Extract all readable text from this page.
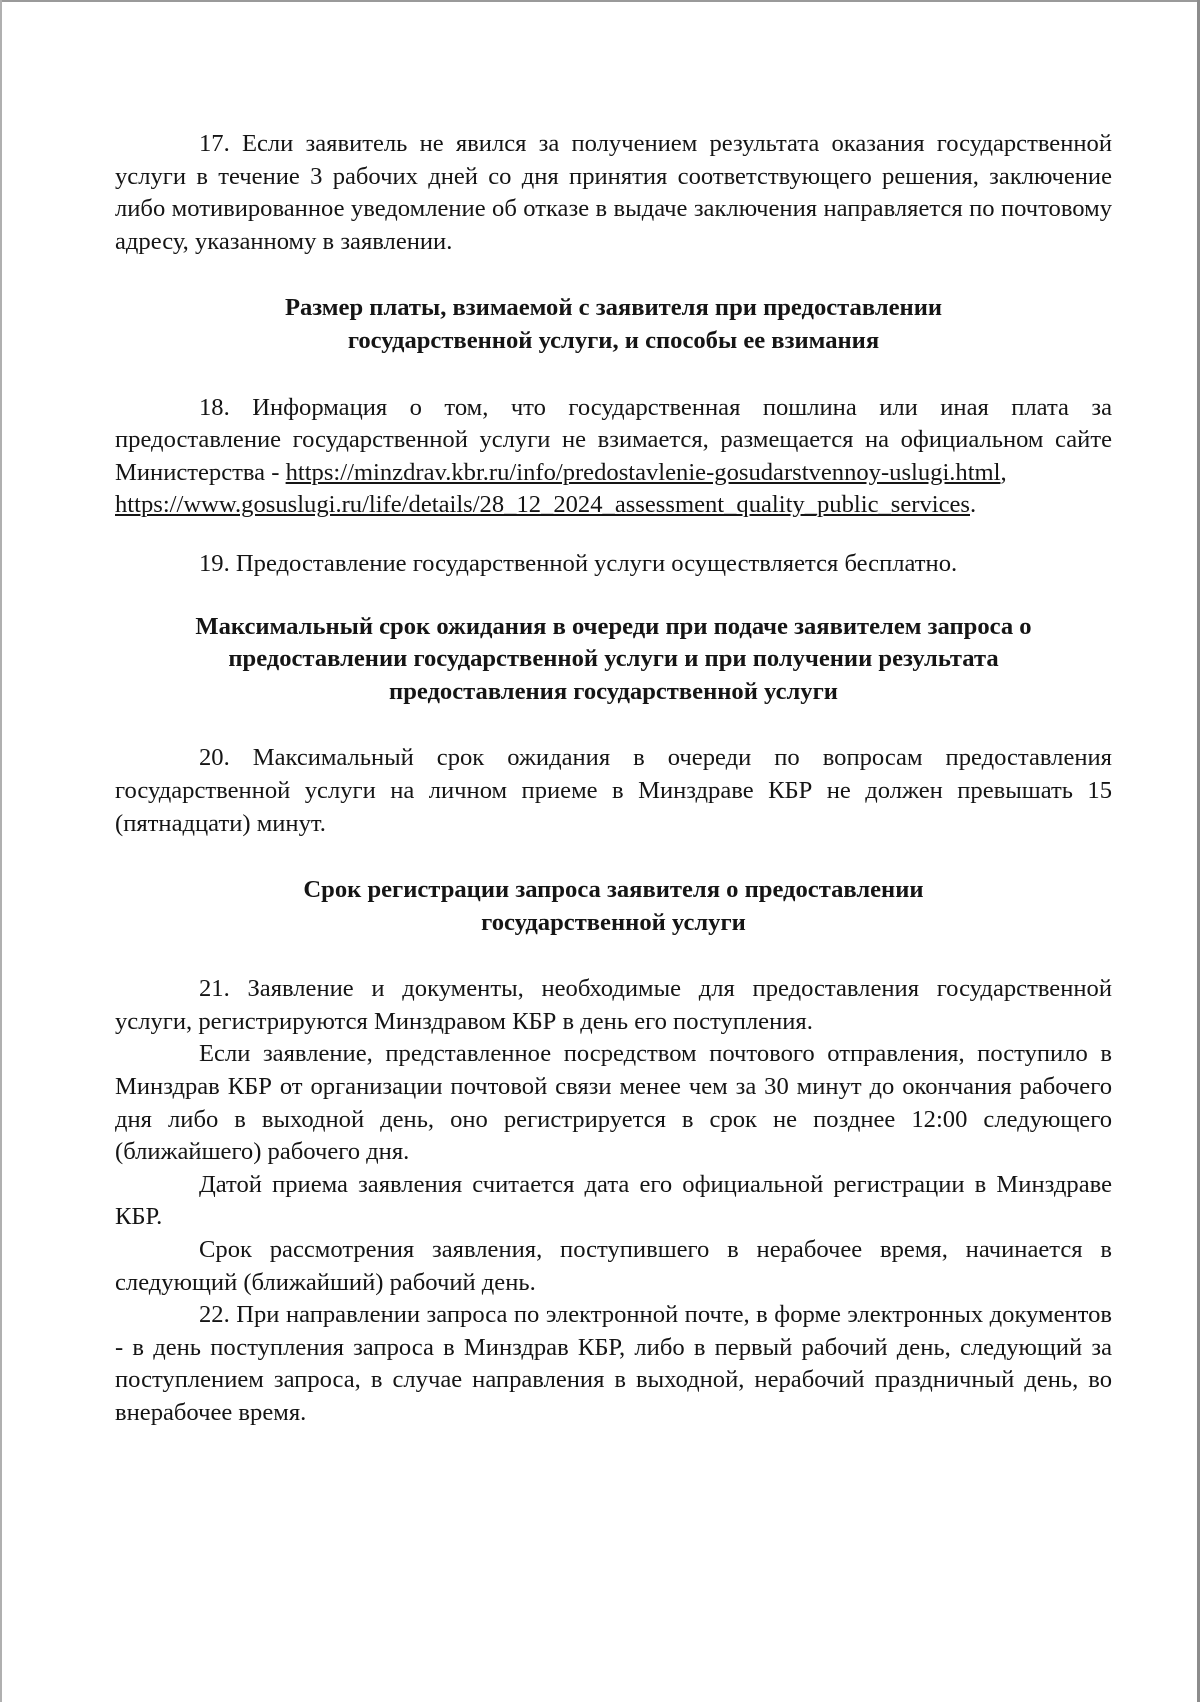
17. Если заявитель не явился за получением результата оказания государственной услуги в течение 3 рабочих дней со дня принятия соответствующего решения, заключение либо мотивированное уведомление об отказе в выдаче заключения направляется по почтовому адресу, указанному в заявлении.

Размер платы, взимаемой с заявителя при предоставлении
государственной услуги, и способы ее взимания

18. Информация о том, что государственная пошлина или иная плата за предоставление государственной услуги не взимается, размещается на официальном сайте Министерства - https://minzdrav.kbr.ru/info/predostavlenie-gosudarstvennoy-uslugi.html,

https://www.gosuslugi.ru/life/details/28_12_2024_assessment_quality_public_services.

19. Предоставление государственной услуги осуществляется бесплатно.

Максимальный срок ожидания в очереди при подаче заявителем запроса о
предоставлении государственной услуги и при получении результата
предоставления государственной услуги

20. Максимальный срок ожидания в очереди по вопросам предоставления государственной услуги на личном приеме в Минздраве КБР не должен превышать 15 (пятнадцати) минут.

Срок регистрации запроса заявителя о предоставлении
государственной услуги

21. Заявление и документы, необходимые для предоставления государственной услуги, регистрируются Минздравом КБР в день его поступления.

Если заявление, представленное посредством почтового отправления, поступило в Минздрав КБР от организации почтовой связи менее чем за 30 минут до окончания рабочего дня либо в выходной день, оно регистрируется в срок не позднее 12:00 следующего (ближайшего) рабочего дня.

Датой приема заявления считается дата его официальной регистрации в Минздраве КБР.

Срок рассмотрения заявления, поступившего в нерабочее время, начинается в следующий (ближайший) рабочий день.

22. При направлении запроса по электронной почте, в форме электронных документов - в день поступления запроса в Минздрав КБР, либо в первый рабочий день, следующий за поступлением запроса, в случае направления в выходной, нерабочий праздничный день, во внерабочее время.
